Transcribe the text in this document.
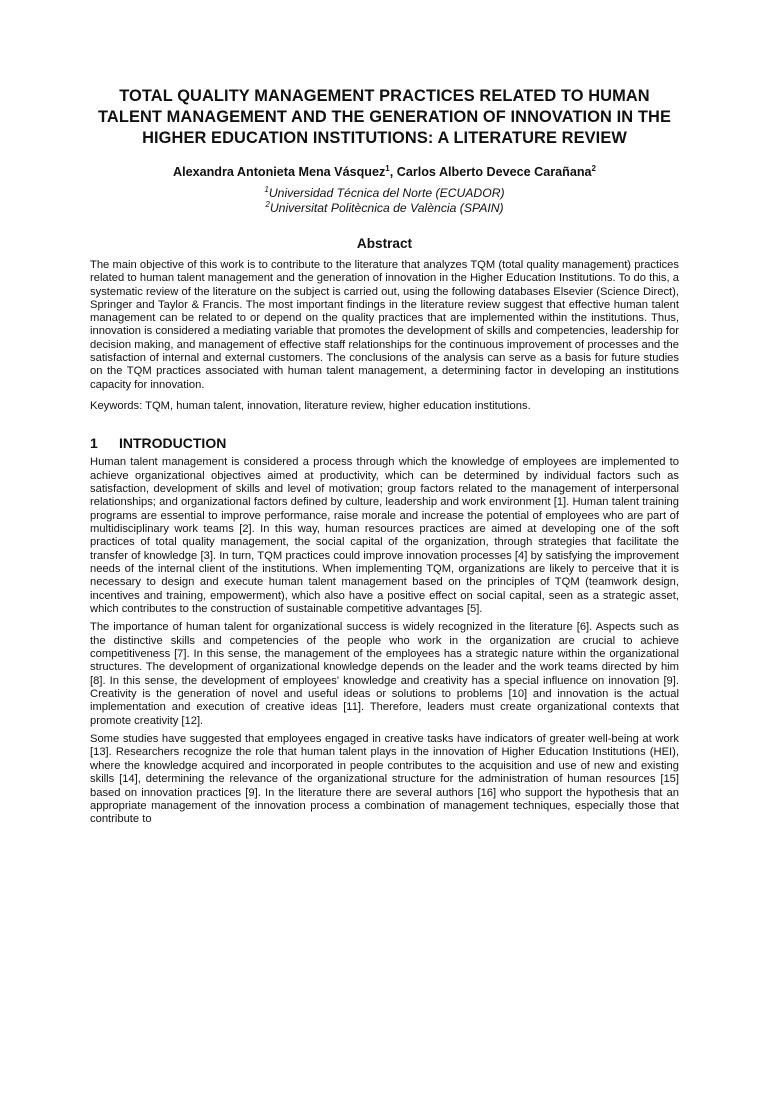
TOTAL QUALITY MANAGEMENT PRACTICES RELATED TO HUMAN TALENT MANAGEMENT AND THE GENERATION OF INNOVATION IN THE HIGHER EDUCATION INSTITUTIONS: A LITERATURE REVIEW
Alexandra Antonieta Mena Vásquez$^1$, Carlos Alberto Devece Carañana$^2$
$^1$Universidad Técnica del Norte (ECUADOR)
$^2$Universitat Politècnica de València (SPAIN)
Abstract

The main objective of this work is to contribute to the literature that analyzes TQM (total quality management) practices related to human talent management and the generation of innovation in the Higher Education Institutions. To do this, a systematic review of the literature on the subject is carried out, using the following databases Elsevier (Science Direct), Springer and Taylor & Francis. The most important findings in the literature review suggest that effective human talent management can be related to or depend on the quality practices that are implemented within the institutions. Thus, innovation is considered a mediating variable that promotes the development of skills and competencies, leadership for decision making, and management of effective staff relationships for the continuous improvement of processes and the satisfaction of internal and external customers. The conclusions of the analysis can serve as a basis for future studies on the TQM practices associated with human talent management, a determining factor in developing an institutions capacity for innovation.

Keywords: TQM, human talent, innovation, literature review, higher education institutions.

1 INTRODUCTION

Human talent management is considered a process through which the knowledge of employees are implemented to achieve organizational objectives aimed at productivity, which can be determined by individual factors such as satisfaction, development of skills and level of motivation; group factors related to the management of interpersonal relationships; and organizational factors defined by culture, leadership and work environment [1]. Human talent training programs are essential to improve performance, raise morale and increase the potential of employees who are part of multidisciplinary work teams [2]. In this way, human resources practices are aimed at developing one of the soft practices of total quality management, the social capital of the organization, through strategies that facilitate the transfer of knowledge [3]. In turn, TQM practices could improve innovation processes [4] by satisfying the improvement needs of the internal client of the institutions. When implementing TQM, organizations are likely to perceive that it is necessary to design and execute human talent management based on the principles of TQM (teamwork design, incentives and training, empowerment), which also have a positive effect on social capital, seen as a strategic asset, which contributes to the construction of sustainable competitive advantages [5].

The importance of human talent for organizational success is widely recognized in the literature [6]. Aspects such as the distinctive skills and competencies of the people who work in the organization are crucial to achieve competitiveness [7]. In this sense, the management of the employees has a strategic nature within the organizational structures. The development of organizational knowledge depends on the leader and the work teams directed by him [8]. In this sense, the development of employees' knowledge and creativity has a special influence on innovation [9]. Creativity is the generation of novel and useful ideas or solutions to problems [10] and innovation is the actual implementation and execution of creative ideas [11]. Therefore, leaders must create organizational contexts that promote creativity [12].

Some studies have suggested that employees engaged in creative tasks have indicators of greater well-being at work [13]. Researchers recognize the role that human talent plays in the innovation of Higher Education Institutions (HEI), where the knowledge acquired and incorporated in people contributes to the acquisition and use of new and existing skills [14], determining the relevance of the organizational structure for the administration of human resources [15] based on innovation practices [9]. In the literature there are several authors [16] who support the hypothesis that an appropriate management of the innovation process a combination of management techniques, especially those that contribute to
